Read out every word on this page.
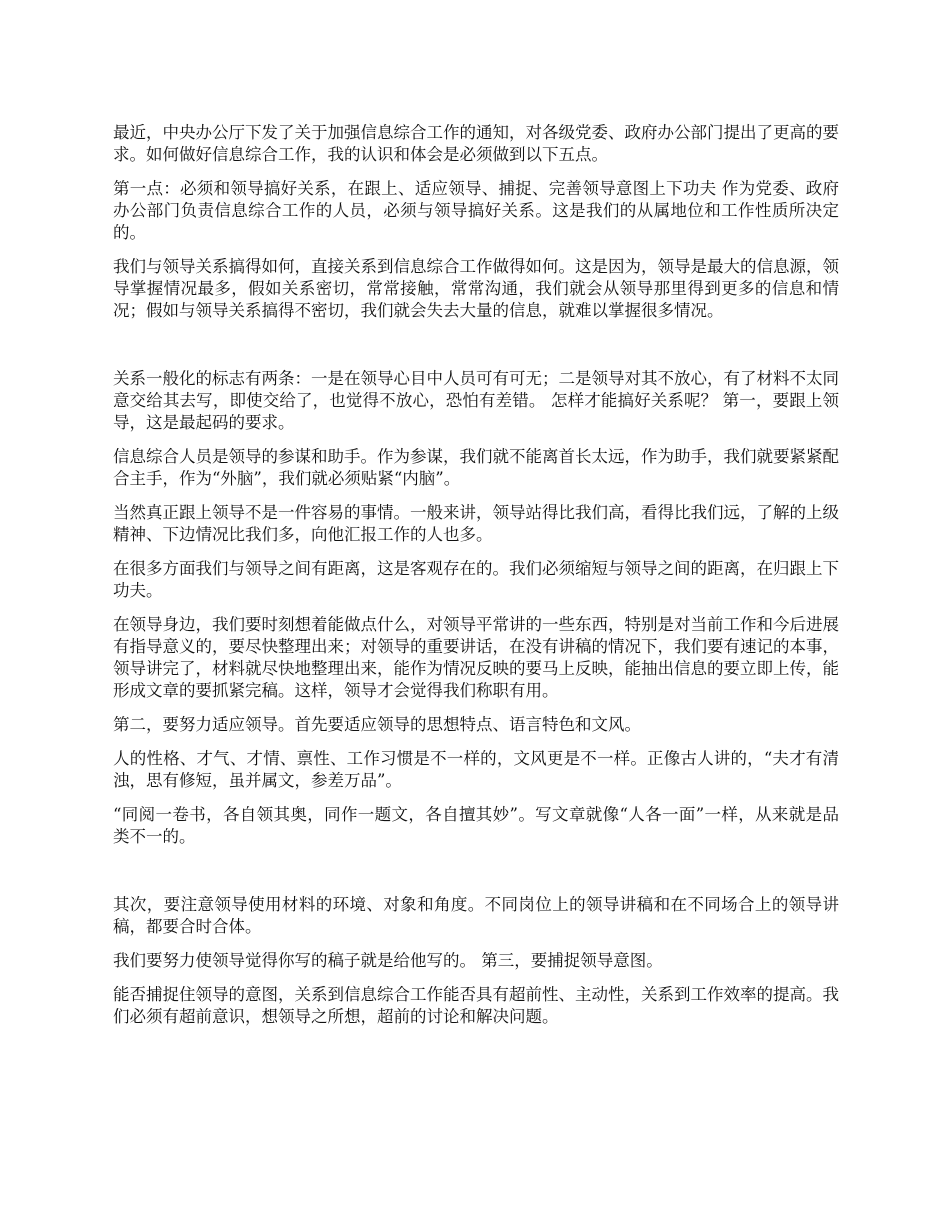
最近，中央办公厅下发了关于加强信息综合工作的通知，对各级党委、政府办公部门提出了更高的要求。如何做好信息综合工作，我的认识和体会是必须做到以下五点。

第一点：必须和领导搞好关系，在跟上、适应领导、捕捉、完善领导意图上下功夫 作为党委、政府办公部门负责信息综合工作的人员，必须与领导搞好关系。这是我们的从属地位和工作性质所决定的。

我们与领导关系搞得如何，直接关系到信息综合工作做得如何。这是因为，领导是最大的信息源，领导掌握情况最多，假如关系密切，常常接触，常常沟通，我们就会从领导那里得到更多的信息和情况；假如与领导关系搞得不密切，我们就会失去大量的信息，就难以掌握很多情况。

关系一般化的标志有两条：一是在领导心目中人员可有可无；二是领导对其不放心，有了材料不太同意交给其去写，即使交给了，也觉得不放心，恐怕有差错。 怎样才能搞好关系呢？ 第一，要跟上领导，这是最起码的要求。

信息综合人员是领导的参谋和助手。作为参谋，我们就不能离首长太远，作为助手，我们就要紧紧配合主手，作为“外脑”，我们就必须贴紧“内脑”。

当然真正跟上领导不是一件容易的事情。一般来讲，领导站得比我们高，看得比我们远，了解的上级精神、下边情况比我们多，向他汇报工作的人也多。

在很多方面我们与领导之间有距离，这是客观存在的。我们必须缩短与领导之间的距离，在归跟上下功夫。

在领导身边，我们要时刻想着能做点什么，对领导平常讲的一些东西，特别是对当前工作和今后进展有指导意义的，要尽快整理出来；对领导的重要讲话，在没有讲稿的情况下，我们要有速记的本事，领导讲完了，材料就尽快地整理出来，能作为情况反映的要马上反映，能抽出信息的要立即上传，能形成文章的要抓紧完稿。这样，领导才会觉得我们称职有用。

第二，要努力适应领导。首先要适应领导的思想特点、语言特色和文风。

人的性格、才气、才情、禀性、工作习惯是不一样的，文风更是不一样。正像古人讲的，“夫才有清浊，思有修短，虽并属文，参差万品”。

“同阅一卷书，各自领其奥，同作一题文，各自擅其妙”。写文章就像“人各一面”一样，从来就是品类不一的。

其次，要注意领导使用材料的环境、对象和角度。不同岗位上的领导讲稿和在不同场合上的领导讲稿，都要合时合体。

我们要努力使领导觉得你写的稿子就是给他写的。 第三，要捕捉领导意图。

能否捕捉住领导的意图，关系到信息综合工作能否具有超前性、主动性，关系到工作效率的提高。我们必须有超前意识，想领导之所想，超前的讨论和解决问题。
